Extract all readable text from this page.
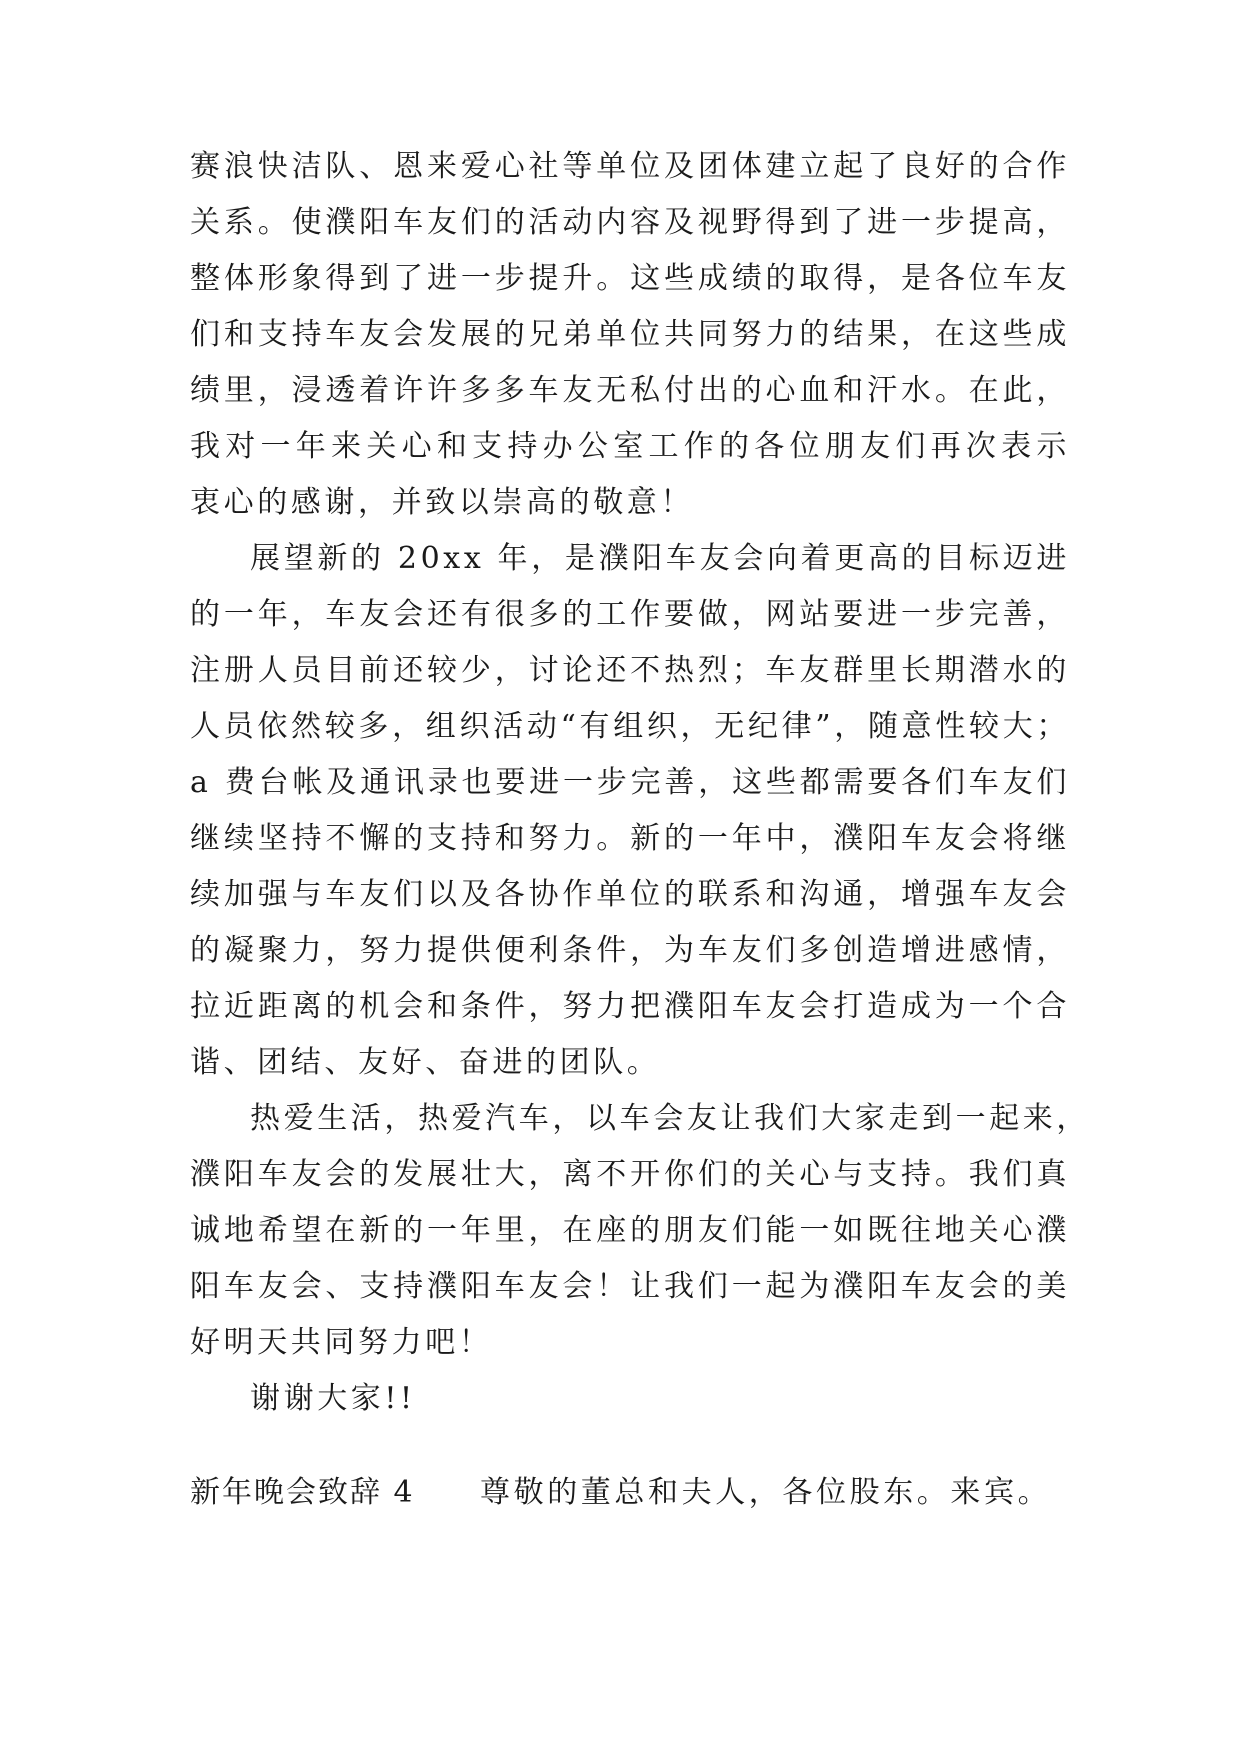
赛浪快洁队、恩来爱心社等单位及团体建立起了良好的合作
关系。使濮阳车友们的活动内容及视野得到了进一步提高，
整体形象得到了进一步提升。这些成绩的取得，是各位车友
们和支持车友会发展的兄弟单位共同努力的结果，在这些成
绩里，浸透着许许多多车友无私付出的心血和汗水。在此，
我对一年来关心和支持办公室工作的各位朋友们再次表示
衷心的感谢，并致以崇高的敬意！
展望新的 20xx 年，是濮阳车友会向着更高的目标迈进
的一年，车友会还有很多的工作要做，网站要进一步完善，
注册人员目前还较少，讨论还不热烈；车友群里长期潜水的
人员依然较多，组织活动“有组织，无纪律”，随意性较大；
a 费台帐及通讯录也要进一步完善，这些都需要各们车友们
继续坚持不懈的支持和努力。新的一年中，濮阳车友会将继
续加强与车友们以及各协作单位的联系和沟通，增强车友会
的凝聚力，努力提供便利条件，为车友们多创造增进感情，
拉近距离的机会和条件，努力把濮阳车友会打造成为一个合
谐、团结、友好、奋进的团队。
热爱生活，热爱汽车，以车会友让我们大家走到一起来，
濮阳车友会的发展壮大，离不开你们的关心与支持。我们真
诚地希望在新的一年里，在座的朋友们能一如既往地关心濮
阳车友会、支持濮阳车友会！让我们一起为濮阳车友会的美
好明天共同努力吧！
谢谢大家!!
新年晚会致辞 4 尊敬的董总和夫人，各位股东。来宾。
